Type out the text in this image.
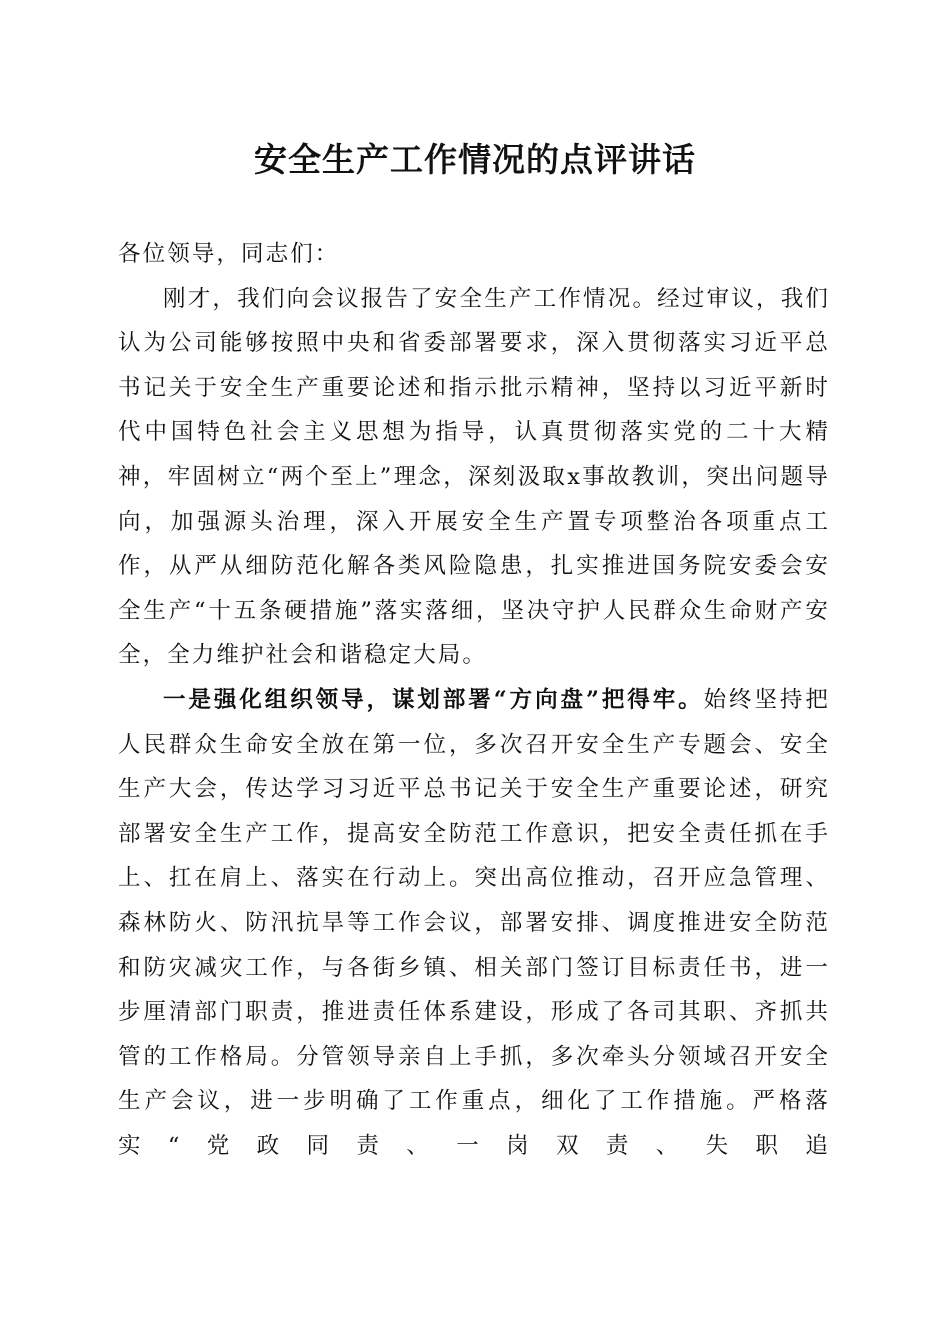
安全生产工作情况的点评讲话

各位领导，同志们：

刚才，我们向会议报告了安全生产工作情况。经过审议，我们认为公司能够按照中央和省委部署要求，深入贯彻落实习近平总书记关于安全生产重要论述和指示批示精神，坚持以习近平新时代中国特色社会主义思想为指导，认真贯彻落实党的二十大精神，牢固树立“两个至上”理念，深刻汲取x事故教训，突出问题导向，加强源头治理，深入开展安全生产置专项整治各项重点工作，从严从细防范化解各类风险隐患，扎实推进国务院安委会安全生产“十五条硬措施”落实落细，坚决守护人民群众生命财产安全，全力维护社会和谐稳定大局。

一是强化组织领导，谋划部署“方向盘”把得牢。始终坚持把人民群众生命安全放在第一位，多次召开安全生产专题会、安全生产大会，传达学习习近平总书记关于安全生产重要论述，研究部署安全生产工作，提高安全防范工作意识，把安全责任抓在手上、扛在肩上、落实在行动上。突出高位推动，召开应急管理、森林防火、防汛抗旱等工作会议，部署安排、调度推进安全防范和防灾减灾工作，与各街乡镇、相关部门签订目标责任书，进一步厘清部门职责，推进责任体系建设，形成了各司其职、齐抓共管的工作格局。分管领导亲自上手抓，多次牵头分领域召开安全生产会议，进一步明确了工作重点，细化了工作措施。严格落实“党政同责、一岗双责、失职追
